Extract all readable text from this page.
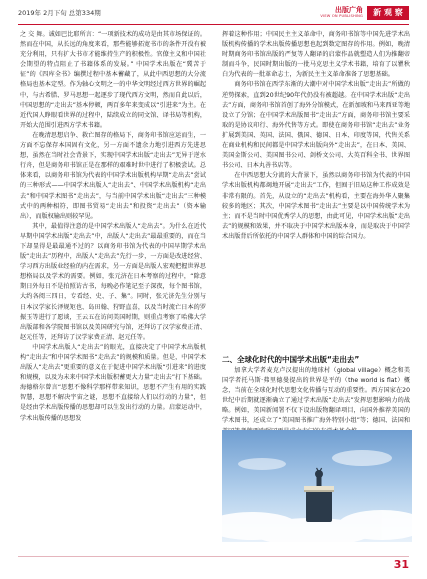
2019年 2月下旬 总第334期	出版广角
VIEW ON PUBLISHING	新 观 察

之 交 舞。诚如巴比耶所言：“一项新技术的成功是由其市场保证的。然而在中国，从长远的角度来看，那些能够拓宽书市的条件开没有被充分利用，只有扩大书市才能维持生产的积极性。官僚主义和中国社会期望的特点阻止了书籍体系的发展。” 中国学术出版在“冀苦于征”的《四库全书》编撰过程中基本蓄藏了，从此中西思想的大分流格局也基本定型。作为轴心文明之一的中华文明经过西方世界的崛起中，与古希腊、罗马思想一起逐步了现代西方文明，然而自此以后，中国思想的“走出去”基本停顿，两百多年来变成以“引进来”为主。在近代国人睁眼看世界的过程中，陆续成立的同文馆、译书局等机构，开始大范围引进西方学术书籍。

在晚清思想启争、救亡图存的格局下，商务印书馆应运而生，一方面不忘保存本国固有文化，另一方面不遗余力地引进西方先进思想，虽然在当时社会背景下，实现中国学术出版“走出去”无异于逆水行舟，但是商务印书馆正是在那样的艰难时世中进行了积极尝试。总体来看，以商务印书馆为代表的中国学术出版机构早期“走出去”尝试的三种形式——中国学术出版人“走出去”、中国学术出版机构“走出去”和中国学术图书“走出去”，与当前中国学术出版“走出去”三种模式中的两种相符，即图书贸易“走出去”和投资“走出去”（资本输出），而版权输出则较罕见。

其中，最值得注意的是中国学术出版人“走出去”。为什么在近代早期中国学术出版“走出去”中，出版人“走出去”最最重要的，而在当下却显得是最最通不过的？以商务印书馆为代表的中国早期学术出版“走出去”历程中，出版人“走出去”先行一步，一方面是改进经营、学习西方出版业经验的内在需求，另一方面是出版人宏观把握世界思想格局以及学术的需要。例如，张元济在日本考察的过程中，“除意期日外每日不是拍照访古书，每晚必作笔记至子深夜，每个图书馆，大约各阅三四日，专看经、史、子、集”。同时，张元济先生分别与日本汉学家长泽规矩也、岛田翰、狩野直喜，以及当时流亡日本的罗振玉等进行了愿谈，王云五在访问美国时期，则重点考察了哈佛大学出版部和各学院图书馆以及美国研究与馆，还拜访了汉学家费正清、赵元任等，还拜访了汉学家费正清、赵元任等。

中国学术出版人“走出去”的眼光，直接决定了中国学术出版机构“走出去”和中国学术图书“走出去”的规模和质量。但是，中国学术出版人“走出去”更重要的意义在于促进中国学术出版“引进来”的进度和规模，以及为未来中国学术出版积蓄更大力量“走出去”打下基础。海德格尔曾言“思想不像科学那样带来知识，思想不产生有用的实践智慧，思想不解决宇宙之谜，思想不直接给人们以行动的力量”，但是经由学术出版传播的思想却可以生发出行动的力量。启蒙运动中，学术出版传播的思想发

挥着这种作用；中国民主主义革命中，商务印书馆等中国先进学术出版机构传播的学术出版传播思想也起到数定图存的作用。例如，晚清时期商务印书馆出版的严复等人翻译的启蒙作品就塑造人们为推翻帝制而斗争，民国时期出版的一批马克思主义学术书籍，培育了以瞿秋白为代表的一批革命志士，为新民主主义革命准备了思想基础。

商务印书馆在西学东渐的大潮中对中国学术出版“走出去”所做的逆势探索，直到20世纪90年代仍没有被超越。在中国学术出版“走出去”方面，商务印书馆首创了海外分馆模式，在新加坡和马来西亚等地设立了分馆；在中国学术出版图书“走出去”方面，商务印书馆主要采取的是协议印行、海外代售等方式。即使在商务印书馆“走出去”业务扩展到美国、英国、法国、俄国、德国、日本、印度等国，代售关系在商业机构和民间都是中国学术出版向外“走出去”，在日本、美国、美国金斯公司、美国图书公司、剑桥文公司、大英百科全书、世界图书公司、日本丸善书店等。

在中西思想大分流的大背景下，虽然以商务印书馆为代表的中国学术出版机构都竭地开展“走出去”工作，但囿于旧局这种工作成效是非常有限的。首先，从设立的“走出去”机构看，主要在海外华人聚集较多的地区；其次，中国学术图书“走出去”主要是以中国传统学术为主；而不是当时中国优秀学人的思想，由此可见，中国学术出版“走出去”的规模和效果，并不取决于中国学术出版本身，而是取决于中国学术出版背后所依托的中国学人群体和中国的综合国力。

二、全球化时代的中国学术出版“走出去”

加拿大学者麦克卢汉提出的地球村（global village）概念和美国学者托马斯·弗里德曼提出的世界是平的（the world is flat）概念，当前在全球化时代思想文化传播与互动的重要性。西方国家在20世纪中后期就逐渐确立了通过学术出版“走出去”发挥思想影响力的战略。例如，美国新闻署不仅下设出版物翻译项目，向国外推荐美国的学术图书，还成立了“美国图书推广海外特别小组”等；德国、法国和

31
